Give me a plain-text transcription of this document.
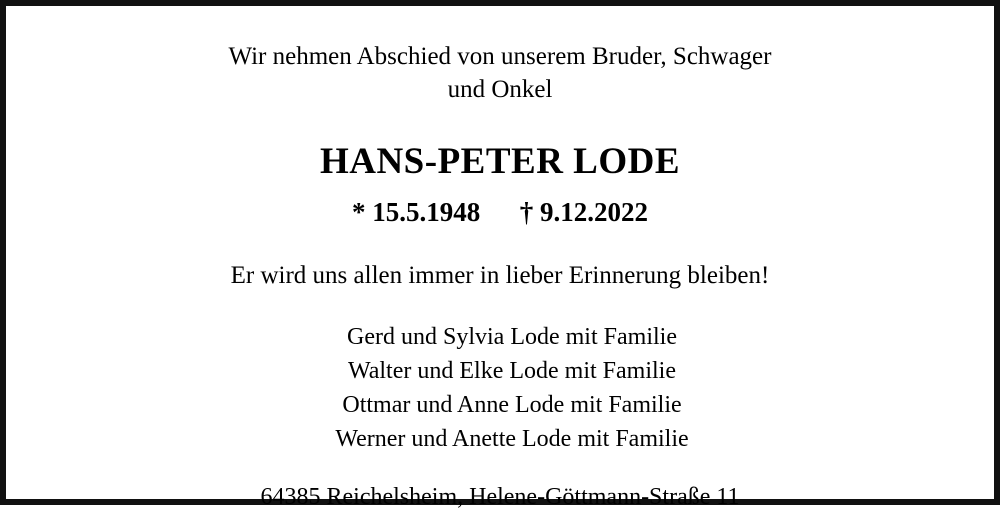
Wir nehmen Abschied von unserem Bruder, Schwager
und Onkel
HANS-PETER LODE
* 15.5.1948 † 9.12.2022
Er wird uns allen immer in lieber Erinnerung bleiben!
Gerd und Sylvia Lode mit Familie
Walter und Elke Lode mit Familie
Ottmar und Anne Lode mit Familie
Werner und Anette Lode mit Familie
64385 Reichelsheim, Helene-Göttmann-Straße 11
